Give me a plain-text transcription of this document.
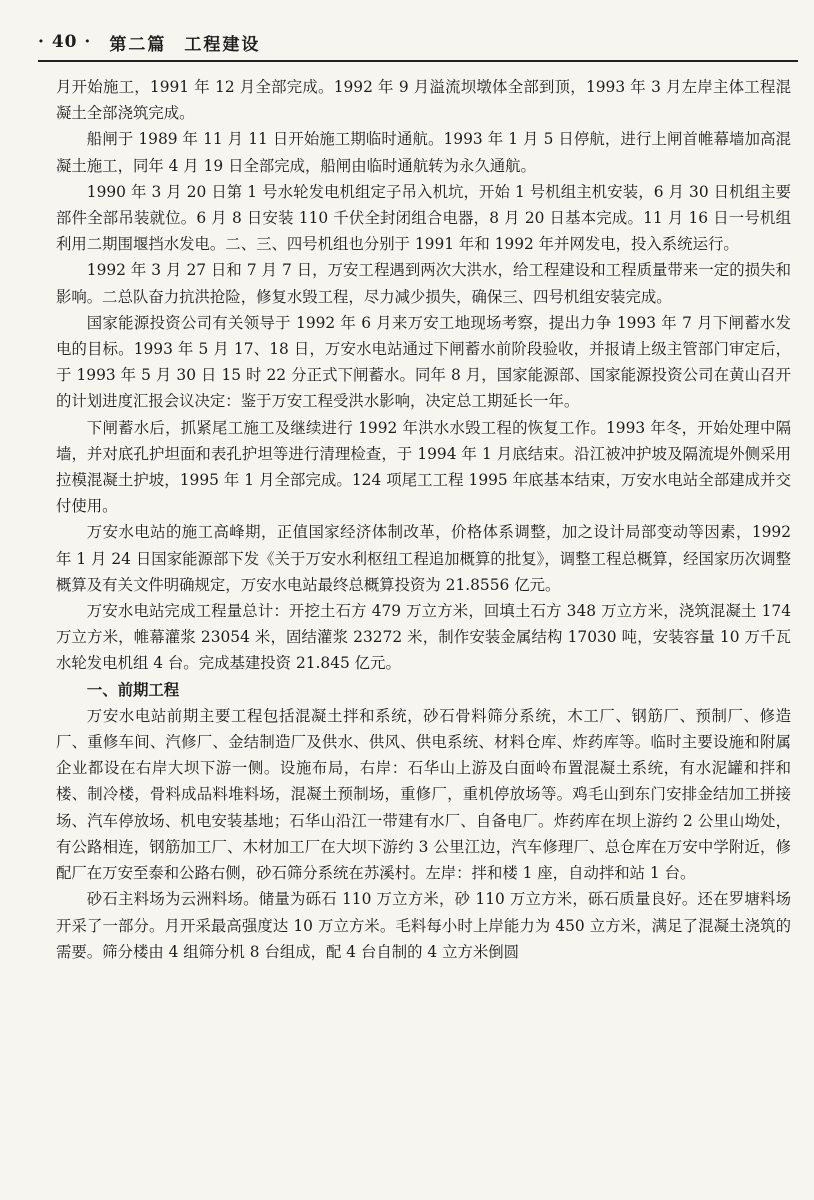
· 40 · 第二篇 工程建设

月开始施工，1991 年 12 月全部完成。1992 年 9 月溢流坝墩体全部到顶，1993 年 3 月左岸主体工程混凝土全部浇筑完成。

船闸于 1989 年 11 月 11 日开始施工期临时通航。1993 年 1 月 5 日停航，进行上闸首帷幕墙加高混凝土施工，同年 4 月 19 日全部完成，船闸由临时通航转为永久通航。

1990 年 3 月 20 日第 1 号水轮发电机组定子吊入机坑，开始 1 号机组主机安装，6 月 30 日机组主要部件全部吊装就位。6 月 8 日安装 110 千伏全封闭组合电器，8 月 20 日基本完成。11 月 16 日一号机组利用二期围堰挡水发电。二、三、四号机组也分别于 1991 年和 1992 年并网发电，投入系统运行。

1992 年 3 月 27 日和 7 月 7 日，万安工程遇到两次大洪水，给工程建设和工程质量带来一定的损失和影响。二总队奋力抗洪抢险，修复水毁工程，尽力减少损失，确保三、四号机组安装完成。

国家能源投资公司有关领导于 1992 年 6 月来万安工地现场考察，提出力争 1993 年 7 月下闸蓄水发电的目标。1993 年 5 月 17、18 日，万安水电站通过下闸蓄水前阶段验收，并报请上级主管部门审定后，于 1993 年 5 月 30 日 15 时 22 分正式下闸蓄水。同年 8 月，国家能源部、国家能源投资公司在黄山召开的计划进度汇报会议决定：鉴于万安工程受洪水影响，决定总工期延长一年。

下闸蓄水后，抓紧尾工施工及继续进行 1992 年洪水水毁工程的恢复工作。1993 年冬，开始处理中隔墙，并对底孔护坦面和表孔护坦等进行清理检查，于 1994 年 1 月底结束。沿江被冲护坡及隔流堤外侧采用拉模混凝土护坡，1995 年 1 月全部完成。124 项尾工工程 1995 年底基本结束，万安水电站全部建成并交付使用。

万安水电站的施工高峰期，正值国家经济体制改革，价格体系调整，加之设计局部变动等因素，1992 年 1 月 24 日国家能源部下发《关于万安水利枢纽工程追加概算的批复》，调整工程总概算，经国家历次调整概算及有关文件明确规定，万安水电站最终总概算投资为 21.8556 亿元。

万安水电站完成工程量总计：开挖土石方 479 万立方米，回填土石方 348 万立方米，浇筑混凝土 174 万立方米，帷幕灌浆 23054 米，固结灌浆 23272 米，制作安装金属结构 17030 吨，安装容量 10 万千瓦水轮发电机组 4 台。完成基建投资 21.845 亿元。

一、前期工程

万安水电站前期主要工程包括混凝土拌和系统，砂石骨料筛分系统，木工厂、钢筋厂、预制厂、修造厂、重修车间、汽修厂、金结制造厂及供水、供风、供电系统、材料仓库、炸药库等。临时主要设施和附属企业都设在右岸大坝下游一侧。设施布局，右岸：石华山上游及白面岭布置混凝土系统，有水泥罐和拌和楼、制冷楼，骨料成品料堆料场，混凝土预制场，重修厂，重机停放场等。鸡毛山到东门安排金结加工拼接场、汽车停放场、机电安装基地；石华山沿江一带建有水厂、自备电厂。炸药库在坝上游约 2 公里山坳处，有公路相连，钢筋加工厂、木材加工厂在大坝下游约 3 公里江边，汽车修理厂、总仓库在万安中学附近，修配厂在万安至泰和公路右侧，砂石筛分系统在苏溪村。左岸：拌和楼 1 座，自动拌和站 1 台。

砂石主料场为云洲料场。储量为砾石 110 万立方米，砂 110 万立方米，砾石质量良好。还在罗塘料场开采了一部分。月开采最高强度达 10 万立方米。毛料每小时上岸能力为 450 立方米，满足了混凝土浇筑的需要。筛分楼由 4 组筛分机 8 台组成，配 4 台自制的 4 立方米倒圆
